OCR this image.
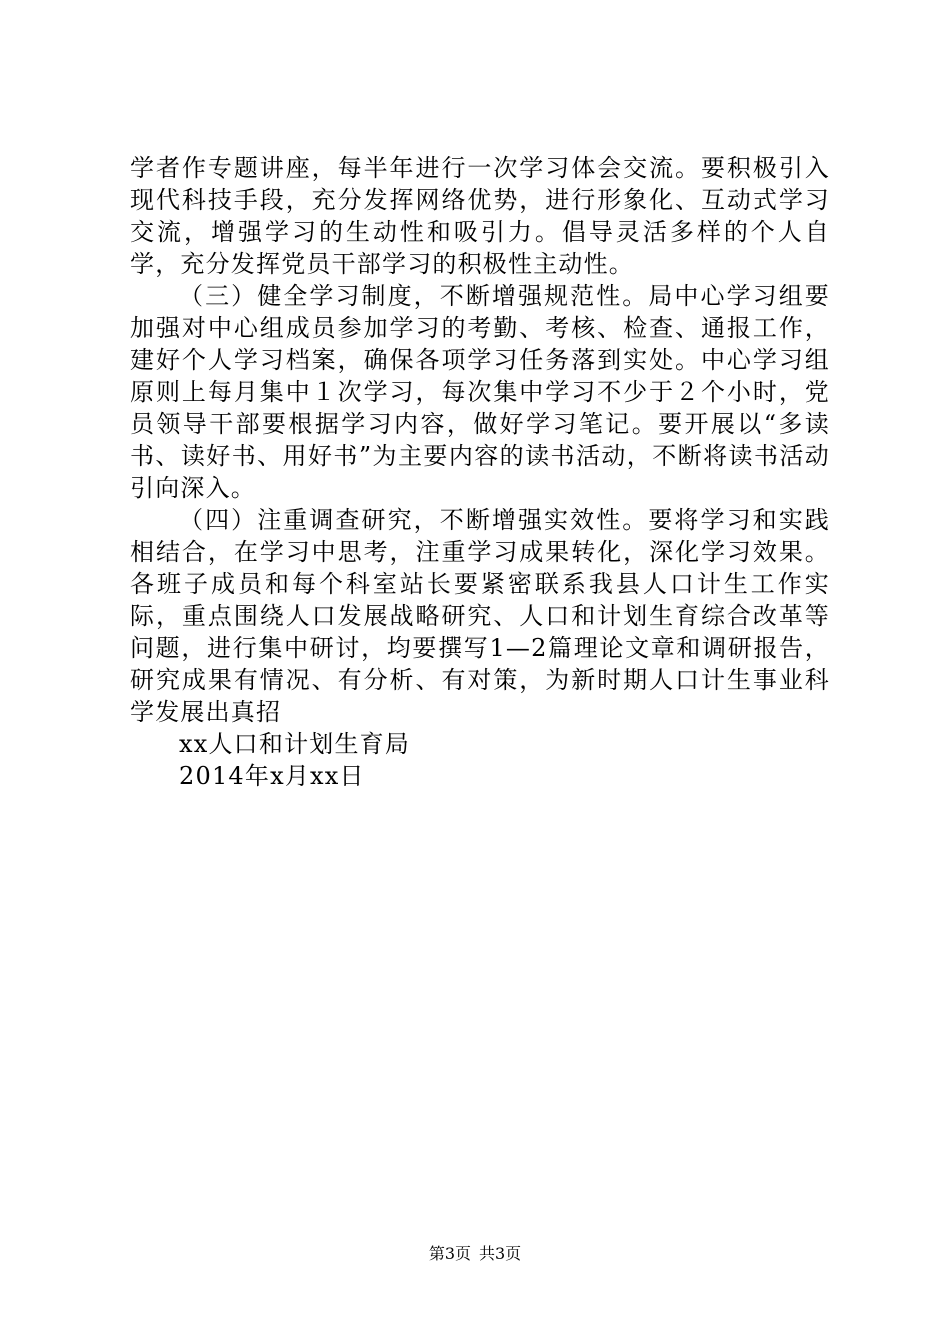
学者作专题讲座，每半年进行一次学习体会交流。要积极引入现代科技手段，充分发挥网络优势，进行形象化、互动式学习交流，增强学习的生动性和吸引力。倡导灵活多样的个人自学，充分发挥党员干部学习的积极性主动性。

（三）健全学习制度，不断增强规范性。局中心学习组要加强对中心组成员参加学习的考勤、考核、检查、通报工作，建好个人学习档案，确保各项学习任务落到实处。中心学习组原则上每月集中１次学习，每次集中学习不少于２个小时，党员领导干部要根据学习内容，做好学习笔记。要开展以“多读书、读好书、用好书”为主要内容的读书活动，不断将读书活动引向深入。

（四）注重调查研究，不断增强实效性。要将学习和实践相结合，在学习中思考，注重学习成果转化，深化学习效果。各班子成员和每个科室站长要紧密联系我县人口计生工作实际，重点围绕人口发展战略研究、人口和计划生育综合改革等问题，进行集中研讨，均要撰写1—2篇理论文章和调研报告，研究成果有情况、有分析、有对策，为新时期人口计生事业科学发展出真招

xx人口和计划生育局

2014年x月xx日

第3页 共3页
